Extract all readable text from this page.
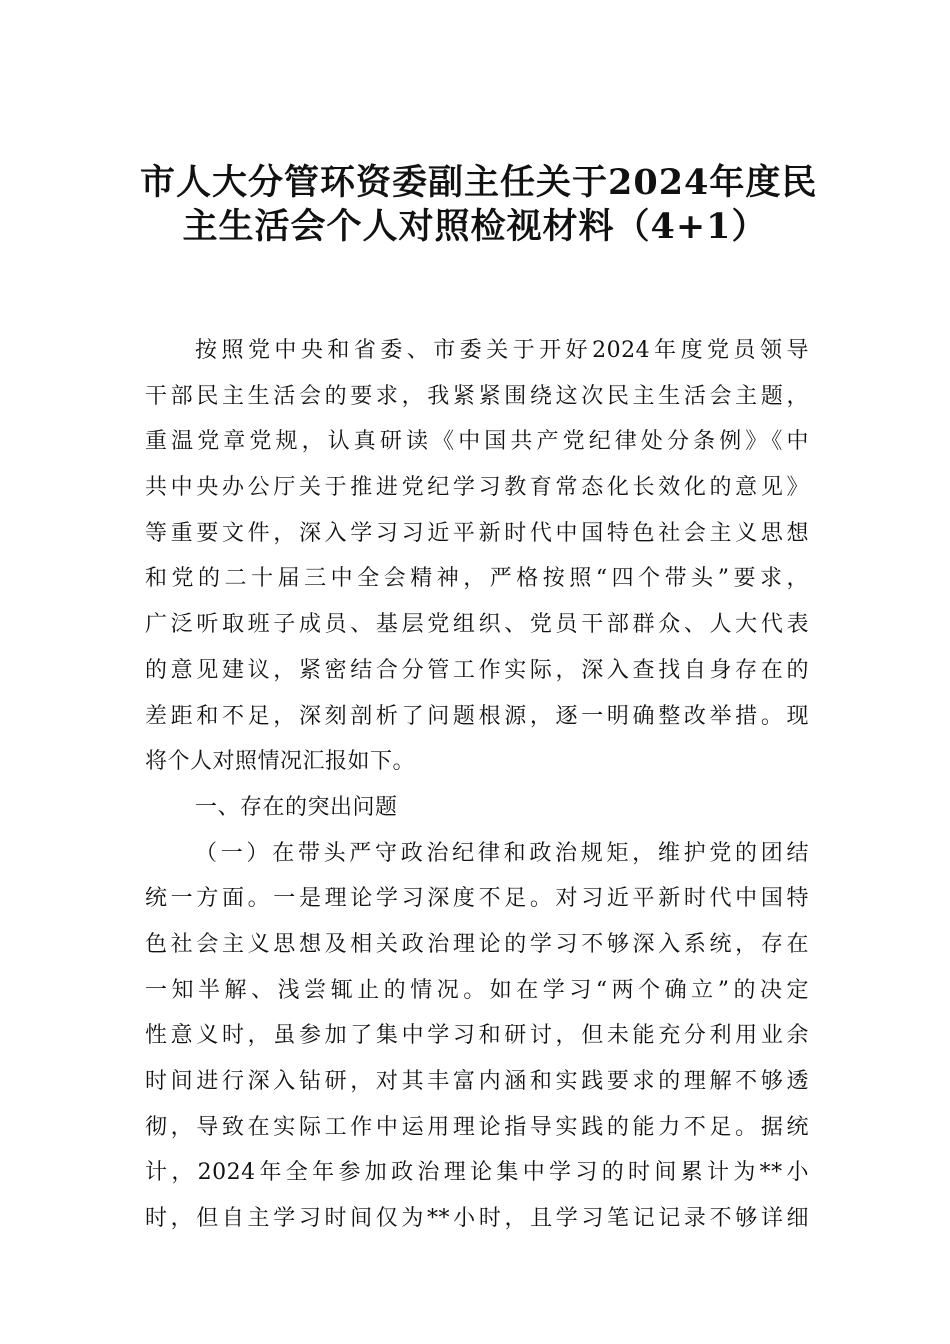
市人大分管环资委副主任关于2024年度民
主生活会个人对照检视材料（4+1）
按照党中央和省委、市委关于开好2024年度党员领导
干部民主生活会的要求，我紧紧围绕这次民主生活会主题，
重温党章党规，认真研读《中国共产党纪律处分条例》《中
共中央办公厅关于推进党纪学习教育常态化长效化的意见》
等重要文件，深入学习习近平新时代中国特色社会主义思想
和党的二十届三中全会精神，严格按照“四个带头”要求，
广泛听取班子成员、基层党组织、党员干部群众、人大代表
的意见建议，紧密结合分管工作实际，深入查找自身存在的
差距和不足，深刻剖析了问题根源，逐一明确整改举措。现
将个人对照情况汇报如下。
一、存在的突出问题
（一）在带头严守政治纪律和政治规矩，维护党的团结
统一方面。一是理论学习深度不足。对习近平新时代中国特
色社会主义思想及相关政治理论的学习不够深入系统，存在
一知半解、浅尝辄止的情况。如在学习“两个确立”的决定
性意义时，虽参加了集中学习和研讨，但未能充分利用业余
时间进行深入钻研，对其丰富内涵和实践要求的理解不够透
彻，导致在实际工作中运用理论指导实践的能力不足。据统
计，2024年全年参加政治理论集中学习的时间累计为**小
时，但自主学习时间仅为**小时，且学习笔记记录不够详细
